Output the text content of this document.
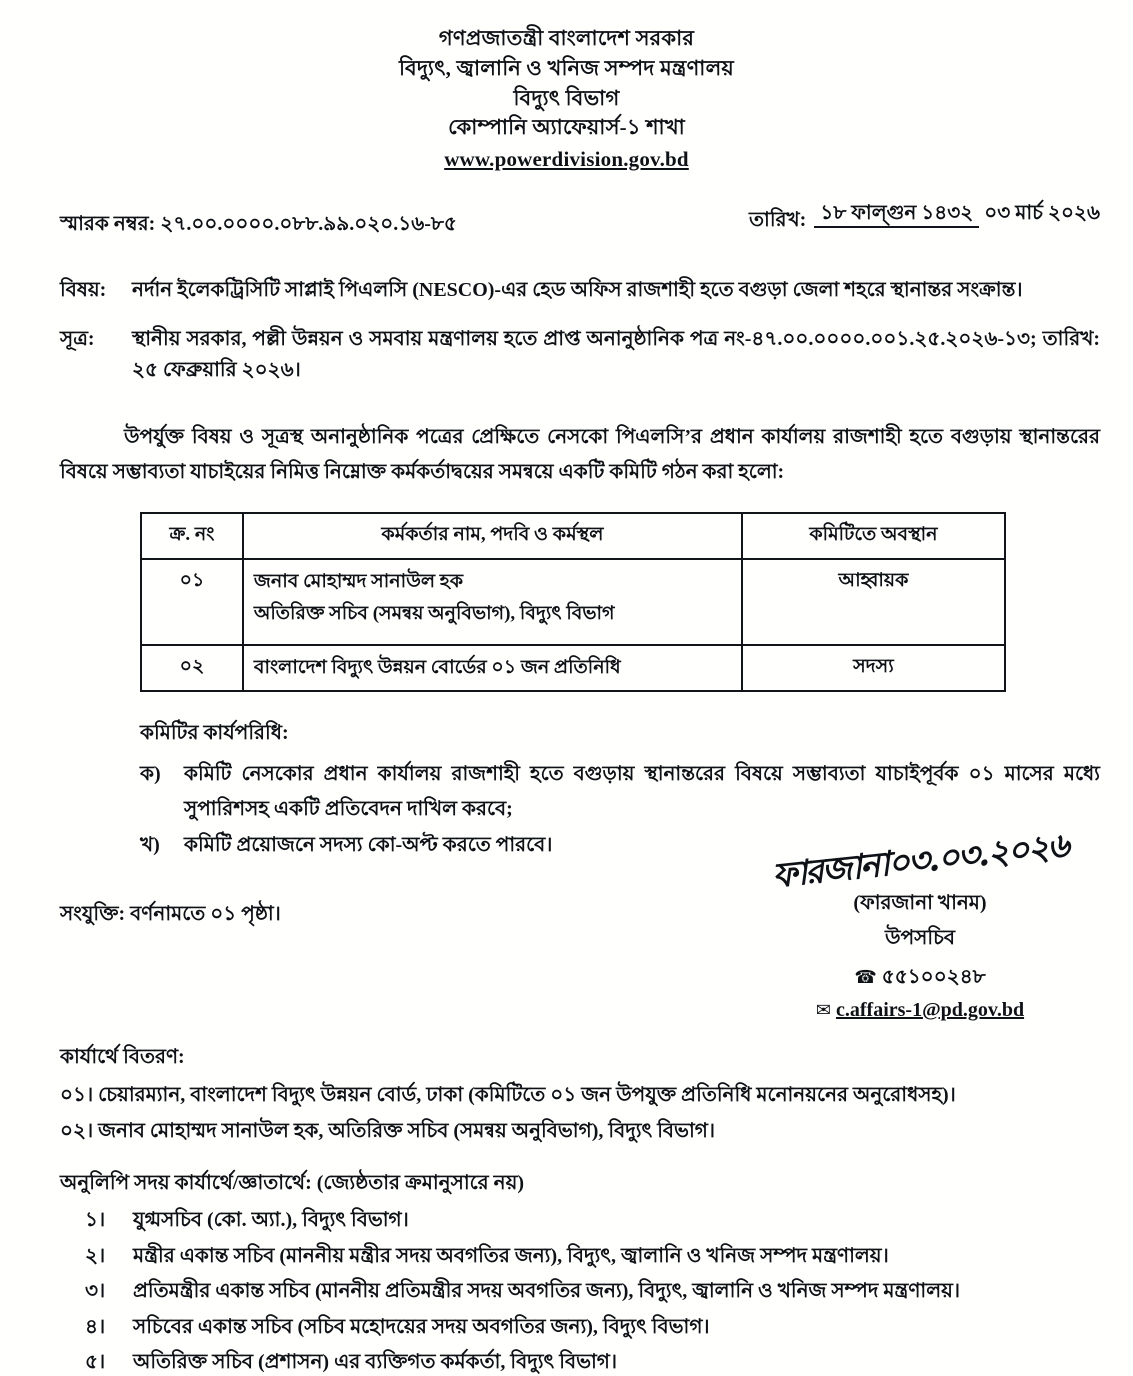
গণপ্রজাতন্ত্রী বাংলাদেশ সরকার
বিদ্যুৎ, জ্বালানি ও খনিজ সম্পদ মন্ত্রণালয়
বিদ্যুৎ বিভাগ
কোম্পানি অ্যাফেয়ার্স-১ শাখা
www.powerdivision.gov.bd
স্মারক নম্বর: ২৭.০০.০০০০.০৮৮.৯৯.০২০.১৬-৮৫	তারিখ: ১৮ ফাল্গুন ১৪৩২ ০৩ মার্চ ২০২৬
বিষয়:	নর্দান ইলেকট্রিসিটি সাপ্লাই পিএলসি (NESCO)-এর হেড অফিস রাজশাহী হতে বগুড়া জেলা শহরে স্থানান্তর সংক্রান্ত।
সূত্র:	স্থানীয় সরকার, পল্লী উন্নয়ন ও সমবায় মন্ত্রণালয় হতে প্রাপ্ত অনানুষ্ঠানিক পত্র নং-৪৭.০০.০০০০.০০১.২৫.২০২৬-১৩; তারিখ: ২৫ ফেব্রুয়ারি ২০২৬।
উপর্যুক্ত বিষয় ও সূত্রস্থ অনানুষ্ঠানিক পত্রের প্রেক্ষিতে নেসকো পিএলসি’র প্রধান কার্যালয় রাজশাহী হতে বগুড়ায় স্থানান্তরের বিষয়ে সম্ভাব্যতা যাচাইয়ের নিমিত্ত নিম্নোক্ত কর্মকর্তাদ্বয়ের সমন্বয়ে একটি কমিটি গঠন করা হলো:
ক্র. নং	কর্মকর্তার নাম, পদবি ও কর্মস্থল	কমিটিতে অবস্থান
০১	জনাব মোহাম্মদ সানাউল হক
অতিরিক্ত সচিব (সমন্বয় অনুবিভাগ), বিদ্যুৎ বিভাগ	আহ্বায়ক
০২	বাংলাদেশ বিদ্যুৎ উন্নয়ন বোর্ডের ০১ জন প্রতিনিধি	সদস্য
কমিটির কার্যপরিধি:
ক)	কমিটি নেসকোর প্রধান কার্যালয় রাজশাহী হতে বগুড়ায় স্থানান্তরের বিষয়ে সম্ভাব্যতা যাচাইপূর্বক ০১ মাসের মধ্যে সুপারিশসহ একটি প্রতিবেদন দাখিল করবে;
খ)	কমিটি প্রয়োজনে সদস্য কো-অপ্ট করতে পারবে।
সংযুক্তি: বর্ণনামতে ০১ পৃষ্ঠা।
ফারজানা০৩.০৩.২০২৬
(ফারজানা খানম)
উপসচিব
☎ ৫৫১০০২৪৮
✉ c.affairs-1@pd.gov.bd
কার্যার্থে বিতরণ:
০১। চেয়ারম্যান, বাংলাদেশ বিদ্যুৎ উন্নয়ন বোর্ড, ঢাকা (কমিটিতে ০১ জন উপযুক্ত প্রতিনিধি মনোনয়নের অনুরোধসহ)।
০২। জনাব মোহাম্মদ সানাউল হক, অতিরিক্ত সচিব (সমন্বয় অনুবিভাগ), বিদ্যুৎ বিভাগ।
অনুলিপি সদয় কার্যার্থে/জ্ঞাতার্থে: (জ্যেষ্ঠতার ক্রমানুসারে নয়)
১।	যুগ্মসচিব (কো. অ্যা.), বিদ্যুৎ বিভাগ।
২।	মন্ত্রীর একান্ত সচিব (মাননীয় মন্ত্রীর সদয় অবগতির জন্য), বিদ্যুৎ, জ্বালানি ও খনিজ সম্পদ মন্ত্রণালয়।
৩।	প্রতিমন্ত্রীর একান্ত সচিব (মাননীয় প্রতিমন্ত্রীর সদয় অবগতির জন্য), বিদ্যুৎ, জ্বালানি ও খনিজ সম্পদ মন্ত্রণালয়।
৪।	সচিবের একান্ত সচিব (সচিব মহোদয়ের সদয় অবগতির জন্য), বিদ্যুৎ বিভাগ।
৫।	অতিরিক্ত সচিব (প্রশাসন) এর ব্যক্তিগত কর্মকর্তা, বিদ্যুৎ বিভাগ।
